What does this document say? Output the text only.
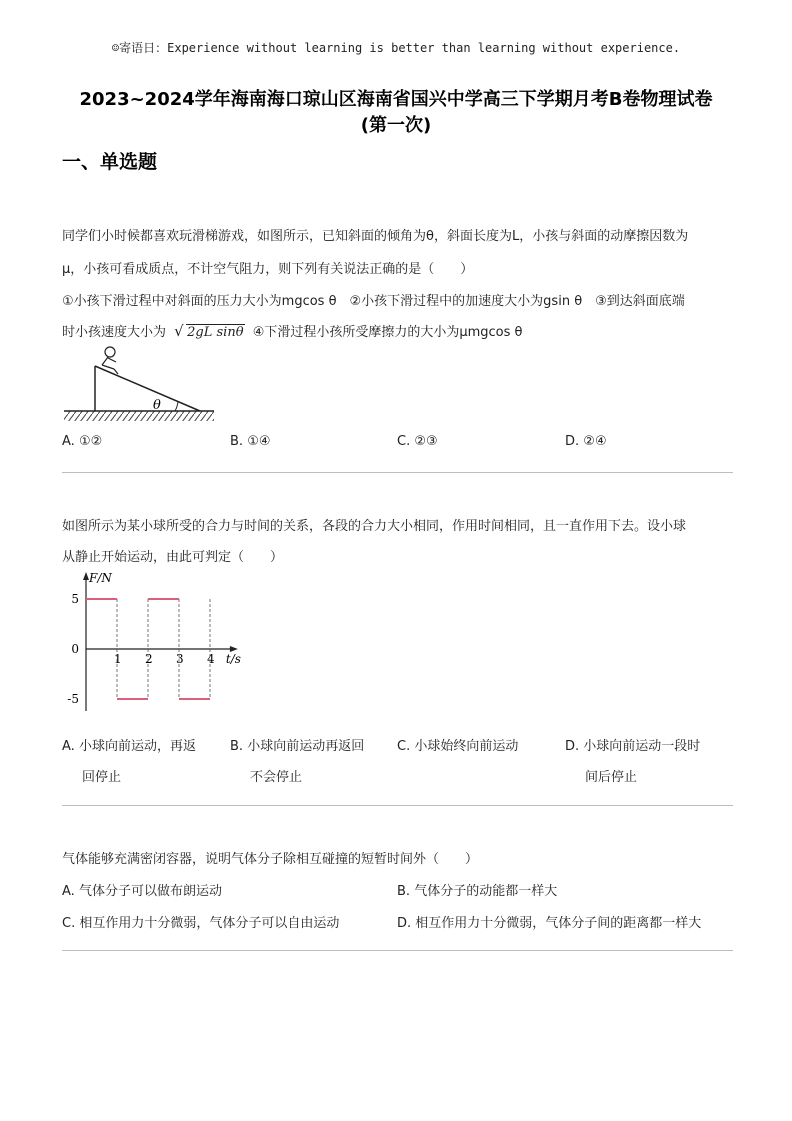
☺寄语日：Experience without learning is better than learning without experience.
2023~2024学年海南海口琼山区海南省国兴中学高三下学期月考B卷物理试卷
(第一次)
一、单选题
同学们小时候都喜欢玩滑梯游戏，如图所示，已知斜面的倾角为θ，斜面长度为L，小孩与斜面的动摩擦因数为
μ，小孩可看成质点，不计空气阻力，则下列有关说法正确的是（　　）
①小孩下滑过程中对斜面的压力大小为mgcos θ　②小孩下滑过程中的加速度大小为gsin θ　③到达斜面底端
时小孩速度大小为 √ 2gL sinθ ④下滑过程小孩所受摩擦力的大小为μmgcos θ
θ
A. ①②	B. ①④	C. ②③	D. ②④
如图所示为某小球所受的合力与时间的关系，各段的合力大小相同，作用时间相同，且一直作用下去。设小球
从静止开始运动，由此可判定（　　）
F/N
t/s
5
0
-5
1 2 3 4
A. 小球向前运动，再返
回停止
B. 小球向前运动再返回
不会停止
C. 小球始终向前运动	D. 小球向前运动一段时
间后停止
气体能够充满密闭容器，说明气体分子除相互碰撞的短暂时间外（　　）
A. 气体分子可以做布朗运动	B. 气体分子的动能都一样大
C. 相互作用力十分微弱，气体分子可以自由运动	D. 相互作用力十分微弱，气体分子间的距离都一样大
